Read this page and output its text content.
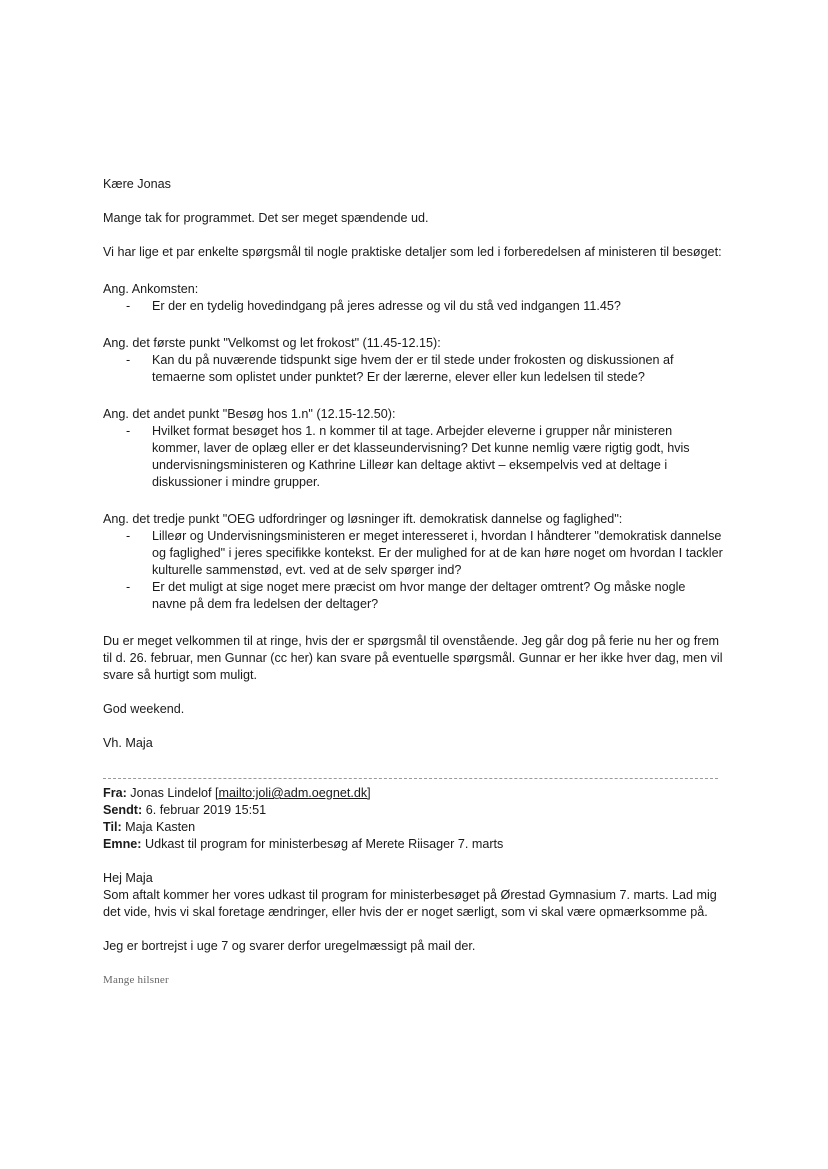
Kære Jonas

Mange tak for programmet. Det ser meget spændende ud.

Vi har lige et par enkelte spørgsmål til nogle praktiske detaljer som led i forberedelsen af ministeren til besøget:

Ang. Ankomsten:

- Er der en tydelig hovedindgang på jeres adresse og vil du stå ved indgangen 11.45?

Ang. det første punkt "Velkomst og let frokost" (11.45-12.15):

- Kan du på nuværende tidspunkt sige hvem der er til stede under frokosten og diskussionen af temaerne som oplistet under punktet? Er der lærerne, elever eller kun ledelsen til stede?

Ang. det andet punkt "Besøg hos 1.n" (12.15-12.50):

- Hvilket format besøget hos 1. n kommer til at tage. Arbejder eleverne i grupper når ministeren kommer, laver de oplæg eller er det klasseundervisning? Det kunne nemlig være rigtig godt, hvis undervisningsministeren og Kathrine Lilleør kan deltage aktivt – eksempelvis ved at deltage i diskussioner i mindre grupper.

Ang. det tredje punkt "OEG udfordringer og løsninger ift. demokratisk dannelse og faglighed":

- Lilleør og Undervisningsministeren er meget interesseret i, hvordan I håndterer "demokratisk dannelse og faglighed" i jeres specifikke kontekst. Er der mulighed for at de kan høre noget om hvordan I tackler kulturelle sammenstød, evt. ved at de selv spørger ind?
- Er det muligt at sige noget mere præcist om hvor mange der deltager omtrent? Og måske nogle navne på dem fra ledelsen der deltager?

Du er meget velkommen til at ringe, hvis der er spørgsmål til ovenstående. Jeg går dog på ferie nu her og frem til d. 26. februar, men Gunnar (cc her) kan svare på eventuelle spørgsmål. Gunnar er her ikke hver dag, men vil svare så hurtigt som muligt.

God weekend.

Vh. Maja

Fra: Jonas Lindelof [mailto:joli@adm.oegnet.dk]

Sendt: 6. februar 2019 15:51

Til: Maja Kasten

Emne: Udkast til program for ministerbesøg af Merete Riisager 7. marts

Hej Maja

Som aftalt kommer her vores udkast til program for ministerbesøget på Ørestad Gymnasium 7. marts. Lad mig det vide, hvis vi skal foretage ændringer, eller hvis der er noget særligt, som vi skal være opmærksomme på.

Jeg er bortrejst i uge 7 og svarer derfor uregelmæssigt på mail der.

Mange hilsner
